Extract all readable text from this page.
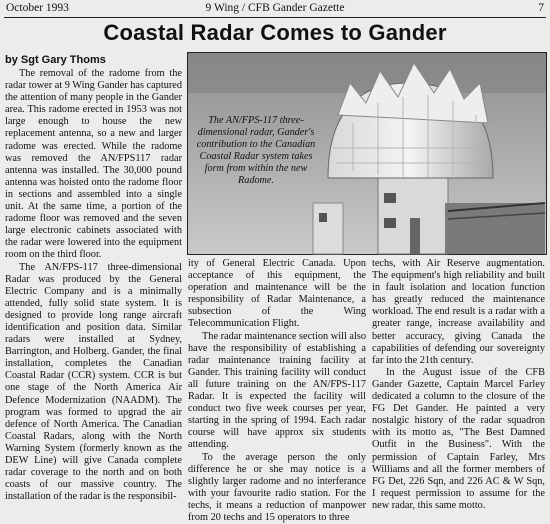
October 1993	9 Wing / CFB Gander Gazette	7
Coastal Radar Comes to Gander
by Sgt Gary Thoms

The removal of the radome from the radar tower at 9 Wing Gander has captured the attention of many people in the Gander area. This radome erected in 1953 was not large enough to house the new replacement antenna, so a new and larger radome was erected. While the radome was removed the AN/FPS117 radar antenna was installed. The 30,000 pound antenna was hoisted onto the radome floor in sections and assembled into a single unit. At the same time, a portion of the radome floor was removed and the seven large electronic cabinets associated with the radar were lowered into the equipment room on the third floor.

The AN/FPS-117 three-dimensional Radar was produced by the General Electric Company and is a minimally attended, fully solid state system. It is designed to provide long range aircraft identification and position data. Similar radars were installed at Sydney, Barrington, and Holberg. Gander, the final installation, completes the Canadian Coastal Radar (CCR) system. CCR is but one stage of the North America Air Defence Modernization (NAADM). The program was formed to upgrad the air defence of North America. The Canadian Coastal Radars, along with the North Warning System (formerly known as the DEW Line) will give Canada complete radar coverage to the north and on both coasts of our massive country. The installation of the radar is the responsibil-

The AN/FPS-117 three-dimensional radar, Gander's contribution to the Canadian Coastal Radar system takes form from within the new Radome.

ity of General Electric Canada. Upon acceptance of this equipment, the operation and maintenance will be the responsibility of Radar Maintenance, a subsection of the Wing Telecommunication Flight.

The radar maintenance section will also have the responsibility of establishing a radar maintenance training facility at Gander. This training facility will conduct all future training on the AN/FPS-117 Radar. It is expected the facility will conduct two five week courses per year, starting in the spring of 1994. Each radar course will have approx six students attending.

To the average person the only difference he or she may notice is a slightly larger radome and no interferance with your favourite radio station. For the techs, it means a reduction of manpower from 20 techs and 15 operators to three

techs, with Air Reserve augmentation. The equipment's high reliability and built in fault isolation and location function has greatly reduced the maintenance workload. The end result is a radar with a greater range, increase availability and better accuracy, giving Canada the capabilities of defending our sovereignty far into the 21th century.

In the August issue of the CFB Gander Gazette, Captain Marcel Farley dedicated a column to the closure of the FG Det Gander. He painted a very nostalgic history of the radar squadron with its motto as, "The Best Damned Outfit in the Business". With the permission of Captain Farley, Mrs Williams and all the former members of FG Det, 226 Sqn, and 226 AC & W Sqn, I request permission to assume for the new radar, this same motto.
